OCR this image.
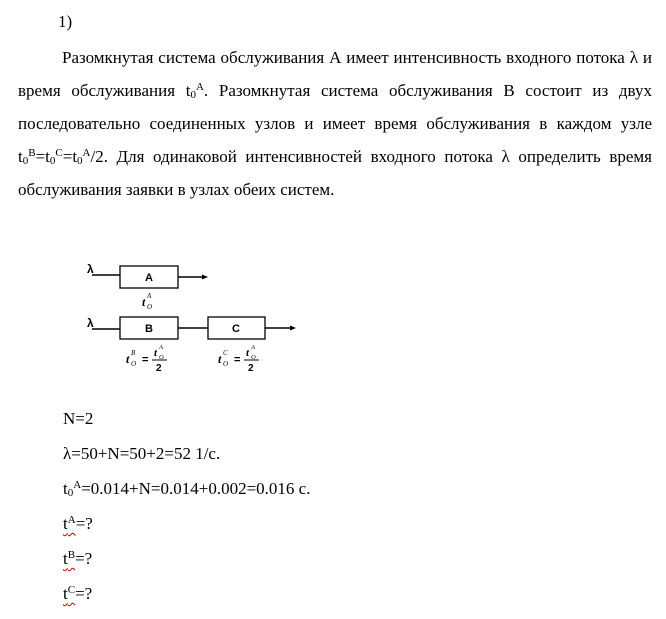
1)

Разомкнутая система обслуживания А имеет интенсивность входного потока λ и время обслуживания $t_0^A$. Разомкнутая система обслуживания В состоит из двух последовательно соединенных узлов и имеет время обслуживания в каждом узле $t_0^B=t_0^C=t_0^A/2$. Для одинаковой интенсивностей входного потока λ определить время обслуживания заявки в узлах обеих систем.

λ
A
t A
O
λ	B	C
t B
O =
t A
O
2
t C
O =
t A
O
2
N=2
λ=50+N=50+2=52 1/с.
$t_0^A=0.014+N=0.014+0.002=0.016$ с.
$t^A=$?
$t^B=$?
$t^C=$?
